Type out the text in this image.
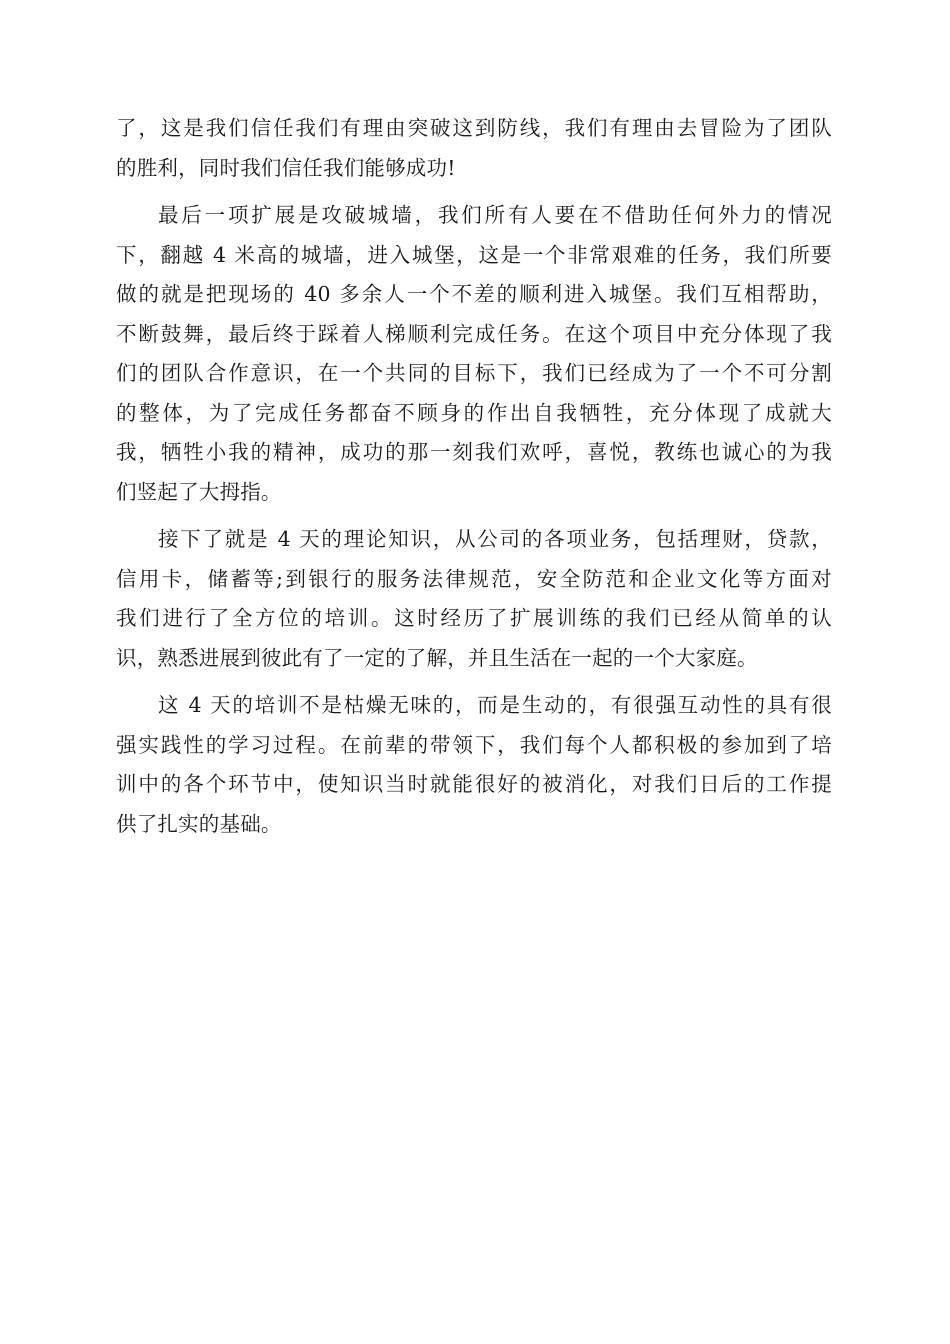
了，这是我们信任我们有理由突破这到防线，我们有理由去冒险为了团队
的胜利，同时我们信任我们能够成功!

最后一项扩展是攻破城墙，我们所有人要在不借助任何外力的情况
下，翻越 4 米高的城墙，进入城堡，这是一个非常艰难的任务，我们所要
做的就是把现场的 40 多余人一个不差的顺利进入城堡。我们互相帮助，
不断鼓舞，最后终于踩着人梯顺利完成任务。在这个项目中充分体现了我
们的团队合作意识，在一个共同的目标下，我们已经成为了一个不可分割
的整体，为了完成任务都奋不顾身的作出自我牺牲，充分体现了成就大
我，牺牲小我的精神，成功的那一刻我们欢呼，喜悦，教练也诚心的为我
们竖起了大拇指。

接下了就是 4 天的理论知识，从公司的各项业务，包括理财，贷款，
信用卡，储蓄等;到银行的服务法律规范，安全防范和企业文化等方面对
我们进行了全方位的培训。这时经历了扩展训练的我们已经从简单的认
识，熟悉进展到彼此有了一定的了解，并且生活在一起的一个大家庭。

这 4 天的培训不是枯燥无味的，而是生动的，有很强互动性的具有很
强实践性的学习过程。在前辈的带领下，我们每个人都积极的参加到了培
训中的各个环节中，使知识当时就能很好的被消化，对我们日后的工作提
供了扎实的基础。
